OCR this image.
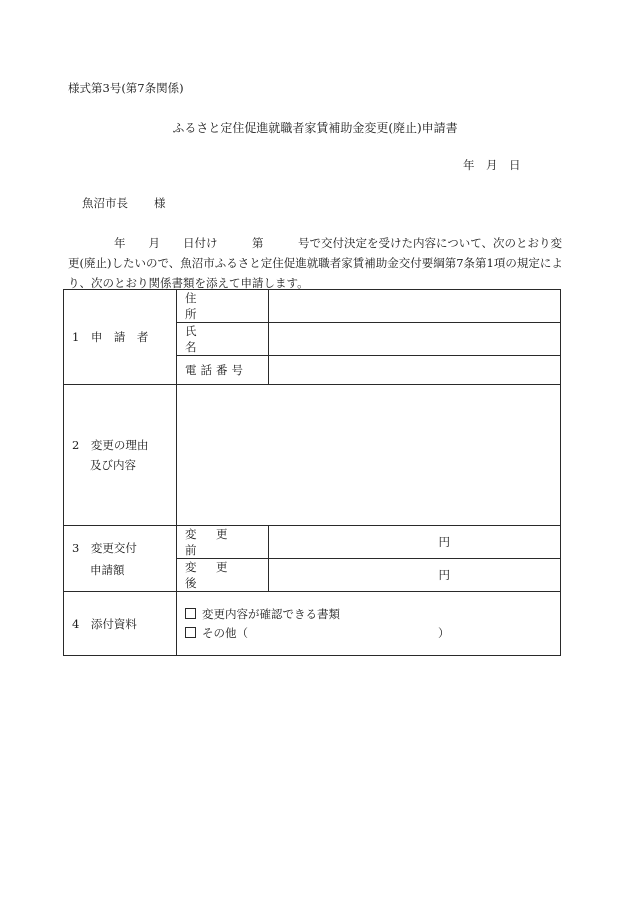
様式第3号(第7条関係)
ふるさと定住促進就職者家賃補助金変更(廃止)申請書
年　月　日
魚沼市長 様
　　　　年　　月　　日付け　　　第　　　号で交付決定を受けた内容について、次のとおり変更(廃止)したいので、魚沼市ふるさと定住促進就職者家賃補助金交付要綱第7条第1項の規定により、次のとおり関係書類を添えて申請します。
1　申　請　者	住　所	
	氏　名	
	電話番号	

2　変更の理由
及び内容		

3　変更交付
申請額	変　更　前	円
	変　更　後	円
4　添付資料	変更内容が確認できる書類
その他（ ）	
